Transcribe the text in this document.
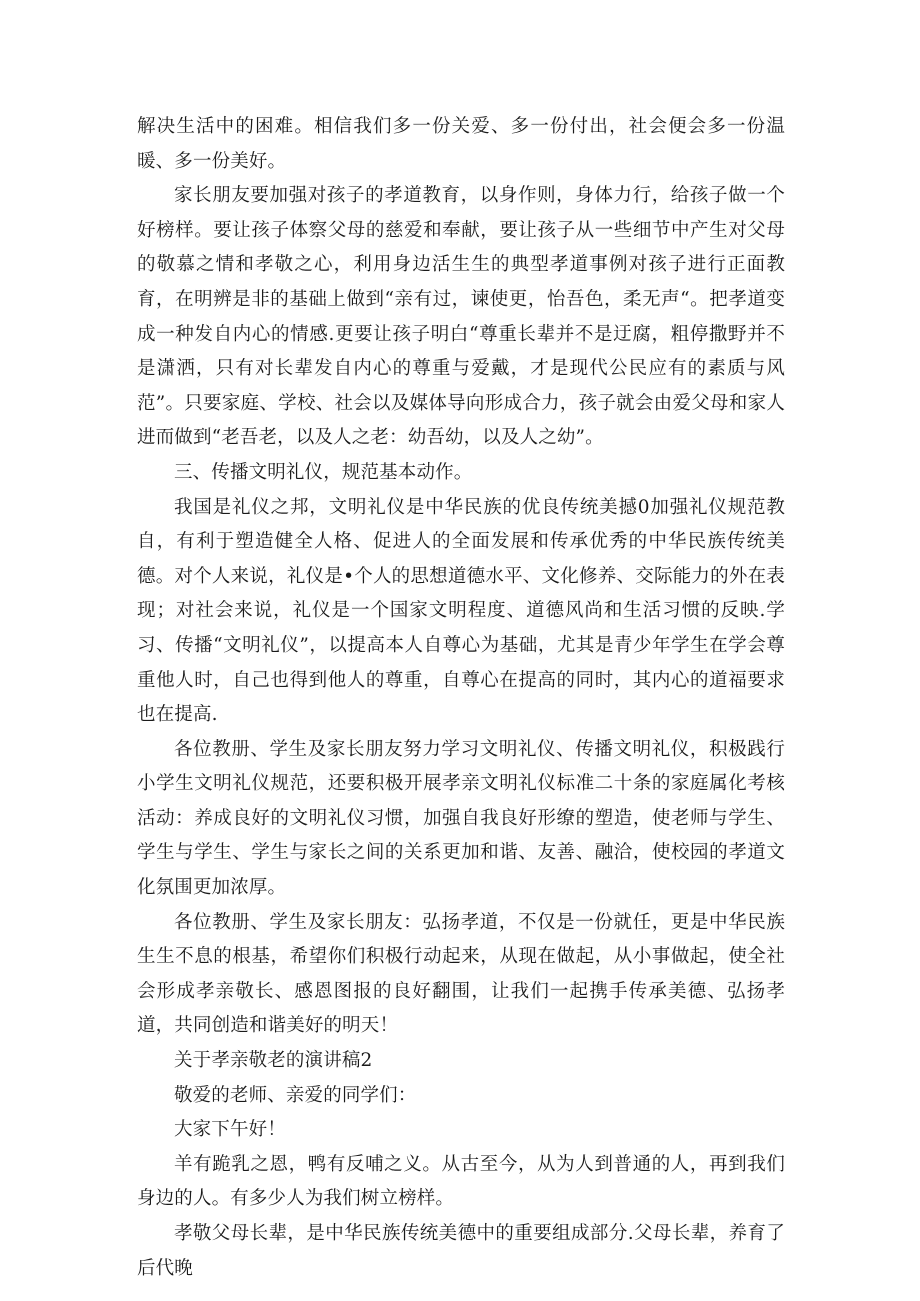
解决生活中的困难。相信我们多一份关爱、多一份付出，社会便会多一份温暖、多一份美好。

家长朋友要加强对孩子的孝道教育，以身作则，身体力行，给孩子做一个好榜样。要让孩子体察父母的慈爱和奉献，要让孩子从一些细节中产生对父母的敬慕之情和孝敬之心，利用身边活生生的典型孝道事例对孩子进行正面教育，在明辨是非的基础上做到“亲有过，谏使更，怡吾色，柔无声“。把孝道变成一种发自内心的情感.更要让孩子明白“尊重长辈并不是迂腐，粗停撒野并不是潇洒，只有对长辈发自内心的尊重与爱戴，才是现代公民应有的素质与风范”。只要家庭、学校、社会以及媒体导向形成合力，孩子就会由爱父母和家人进而做到“老吾老，以及人之老：幼吾幼，以及人之幼”。

三、传播文明礼仪，规范基本动作。

我国是礼仪之邦，文明礼仪是中华民族的优良传统美撼0加强礼仪规范教自，有利于塑造健全人格、促进人的全面发展和传承优秀的中华民族传统美德。对个人来说，礼仪是•个人的思想道德水平、文化修养、交际能力的外在表现；对社会来说，礼仪是一个国家文明程度、道德风尚和生活习惯的反映.学习、传播“文明礼仪”，以提高本人自尊心为基础，尤其是青少年学生在学会尊重他人时，自己也得到他人的尊重，自尊心在提高的同时，其内心的道福要求也在提高.

各位教册、学生及家长朋友努力学习文明礼仪、传播文明礼仪，积极践行小学生文明礼仪规范，还要积极开展孝亲文明礼仪标准二十条的家庭属化考核活动：养成良好的文明礼仪习惯，加强自我良好形缭的塑造，使老师与学生、学生与学生、学生与家长之间的关系更加和谐、友善、融洽，使校园的孝道文化氛围更加浓厚。

各位教册、学生及家长朋友：弘扬孝道，不仅是一份就任，更是中华民族生生不息的根基，希望你们积极行动起来，从现在做起，从小事做起，使全社会形成孝亲敬长、感恩图报的良好翻围，让我们一起携手传承美德、弘扬孝道，共同创造和谐美好的明天！

关于孝亲敬老的演讲稿2

敬爱的老师、亲爱的同学们：

大家下午好！

羊有跪乳之恩，鸭有反哺之义。从古至今，从为人到普通的人，再到我们身边的人。有多少人为我们树立榜样。

孝敬父母长辈，是中华民族传统美德中的重要组成部分.父母长辈，养育了后代晚
